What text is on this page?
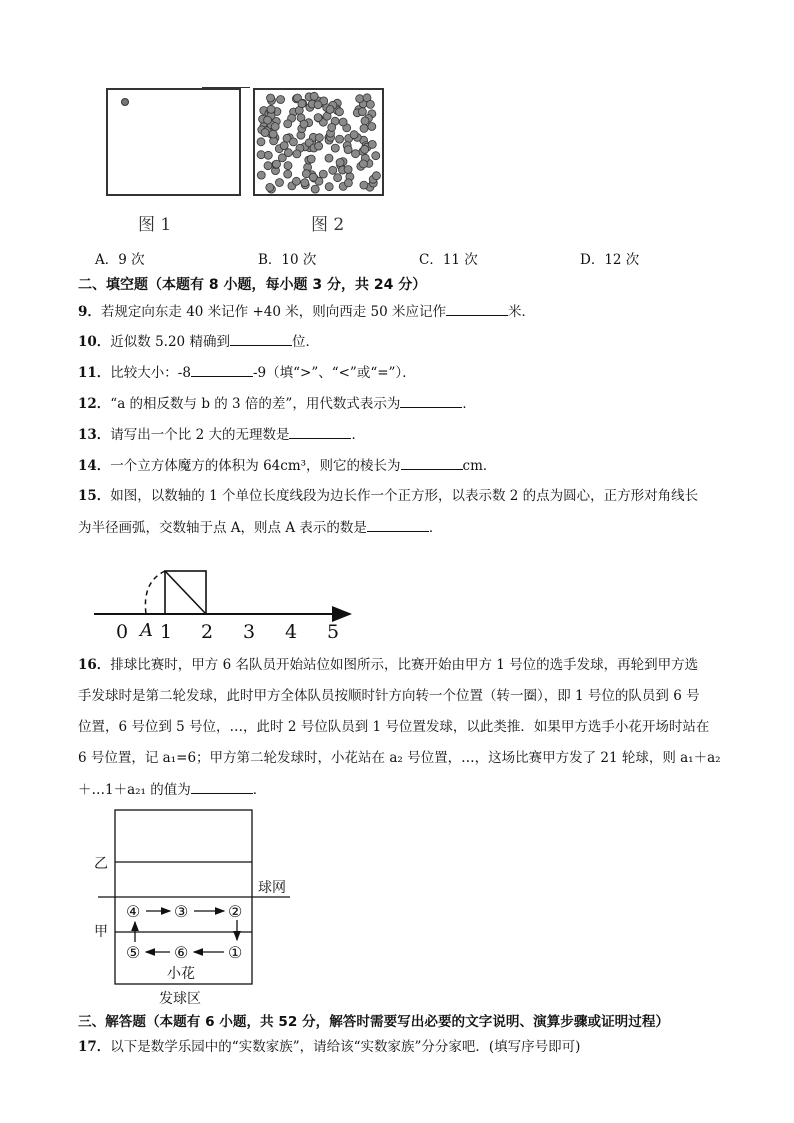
图 1	图 2
A．9 次	B．10 次	C．11 次	D．12 次
二、填空题（本题有 8 小题，每小题 3 分，共 24 分）
9．若规定向东走 40 米记作 +40 米，则向西走 50 米应记作	米．
10．近似数 5.20 精确到	位．
11．比较大小：-8	-9（填“>”、“<”或“=”）．
12．“a 的相反数与 b 的 3 倍的差”，用代数式表示为	．
13．请写出一个比 2 大的无理数是	．
14．一个立方体魔方的体积为 64cm³，则它的棱长为	cm．
15．如图，以数轴的 1 个单位长度线段为边长作一个正方形，以表示数 2 的点为圆心，正方形对角线长
为半径画弧，交数轴于点 A，则点 A 表示的数是	．
0 A 1 2 3 4 5
16．排球比赛时，甲方 6 名队员开始站位如图所示，比赛开始由甲方 1 号位的选手发球，再轮到甲方选
手发球时是第二轮发球，此时甲方全体队员按顺时针方向转一个位置（转一圈），即 1 号位的队员到 6 号
位置，6 号位到 5 号位，…，此时 2 号位队员到 1 号位置发球，以此类推．如果甲方选手小花开场时站在
6 号位置，记 a₁=6；甲方第二轮发球时，小花站在 a₂ 号位置，…，这场比赛甲方发了 21 轮球，则 a₁＋a₂
＋…1＋a₂₁ 的值为	．
乙
甲
球网
④ ③ ②
⑤ ⑥ ①
小花
发球区
三、解答题（本题有 6 小题，共 52 分，解答时需要写出必要的文字说明、演算步骤或证明过程）
17．以下是数学乐园中的“实数家族”，请给该“实数家族”分分家吧．(填写序号即可)
